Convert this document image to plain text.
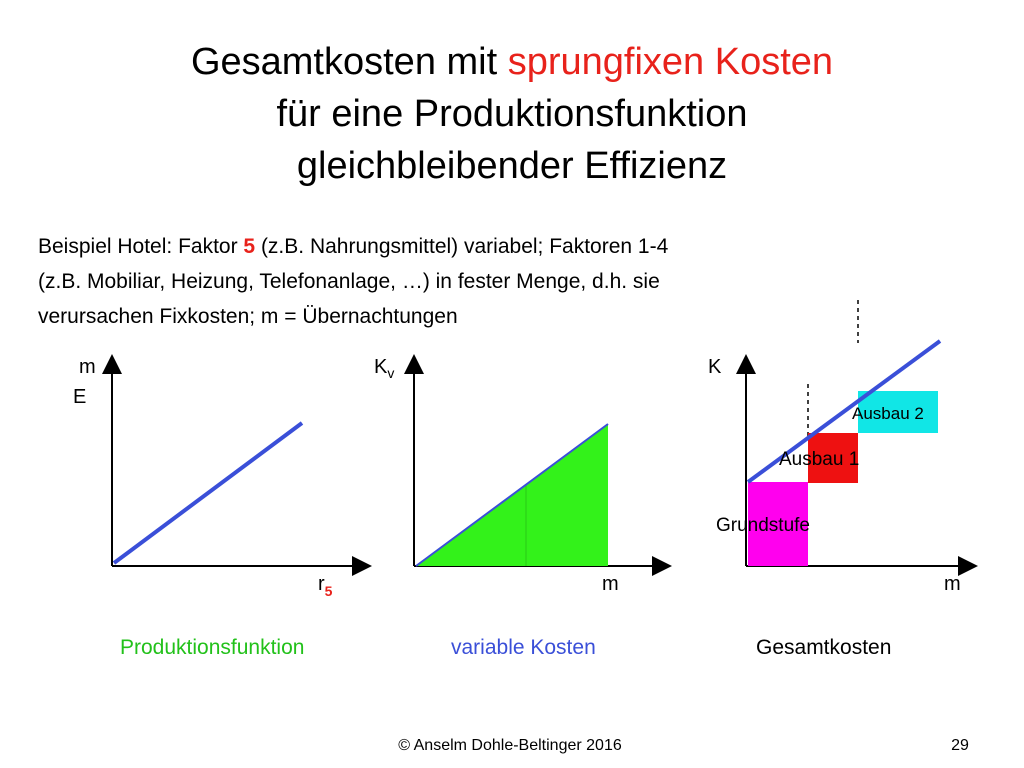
Gesamtkosten mit sprungfixen Kosten
für eine Produktionsfunktion
gleichbleibender Effizienz
Beispiel Hotel: Faktor 5 (z.B. Nahrungsmittel) variabel; Faktoren 1-4
(z.B. Mobiliar, Heizung, Telefonanlage, …) in fester Menge, d.h. sie
verursachen Fixkosten; m = Übernachtungen
m
E
$r_5$
Produktionsfunktion
$K_v$
m
variable Kosten
K
m
Gesamtkosten
Grundstufe
Ausbau 1
Ausbau 2
© Anselm Dohle-Beltinger 2016	29
